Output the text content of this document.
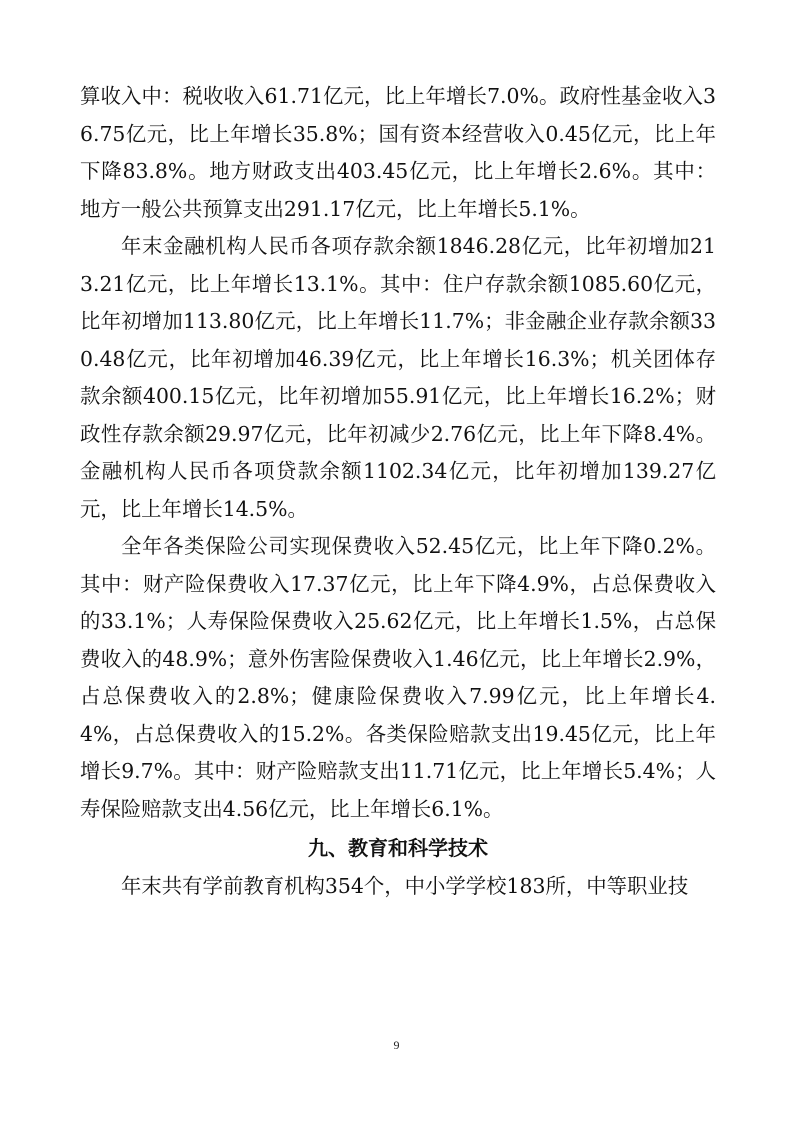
算收入中：税收收入61.71亿元，比上年增长7.0%。政府性基金收入36.75亿元，比上年增长35.8%；国有资本经营收入0.45亿元，比上年下降83.8%。地方财政支出403.45亿元，比上年增长2.6%。其中：地方一般公共预算支出291.17亿元，比上年增长5.1%。

年末金融机构人民币各项存款余额1846.28亿元，比年初增加213.21亿元，比上年增长13.1%。其中：住户存款余额1085.60亿元，比年初增加113.80亿元，比上年增长11.7%；非金融企业存款余额330.48亿元，比年初增加46.39亿元，比上年增长16.3%；机关团体存款余额400.15亿元，比年初增加55.91亿元，比上年增长16.2%；财政性存款余额29.97亿元，比年初减少2.76亿元，比上年下降8.4%。金融机构人民币各项贷款余额1102.34亿元，比年初增加139.27亿元，比上年增长14.5%。

全年各类保险公司实现保费收入52.45亿元，比上年下降0.2%。其中：财产险保费收入17.37亿元，比上年下降4.9%，占总保费收入的33.1%；人寿保险保费收入25.62亿元，比上年增长1.5%，占总保费收入的48.9%；意外伤害险保费收入1.46亿元，比上年增长2.9%，占总保费收入的2.8%；健康险保费收入7.99亿元，比上年增长4.4%，占总保费收入的15.2%。各类保险赔款支出19.45亿元，比上年增长9.7%。其中：财产险赔款支出11.71亿元，比上年增长5.4%；人寿保险赔款支出4.56亿元，比上年增长6.1%。

九、教育和科学技术

年末共有学前教育机构354个，中小学学校183所，中等职业技

9
